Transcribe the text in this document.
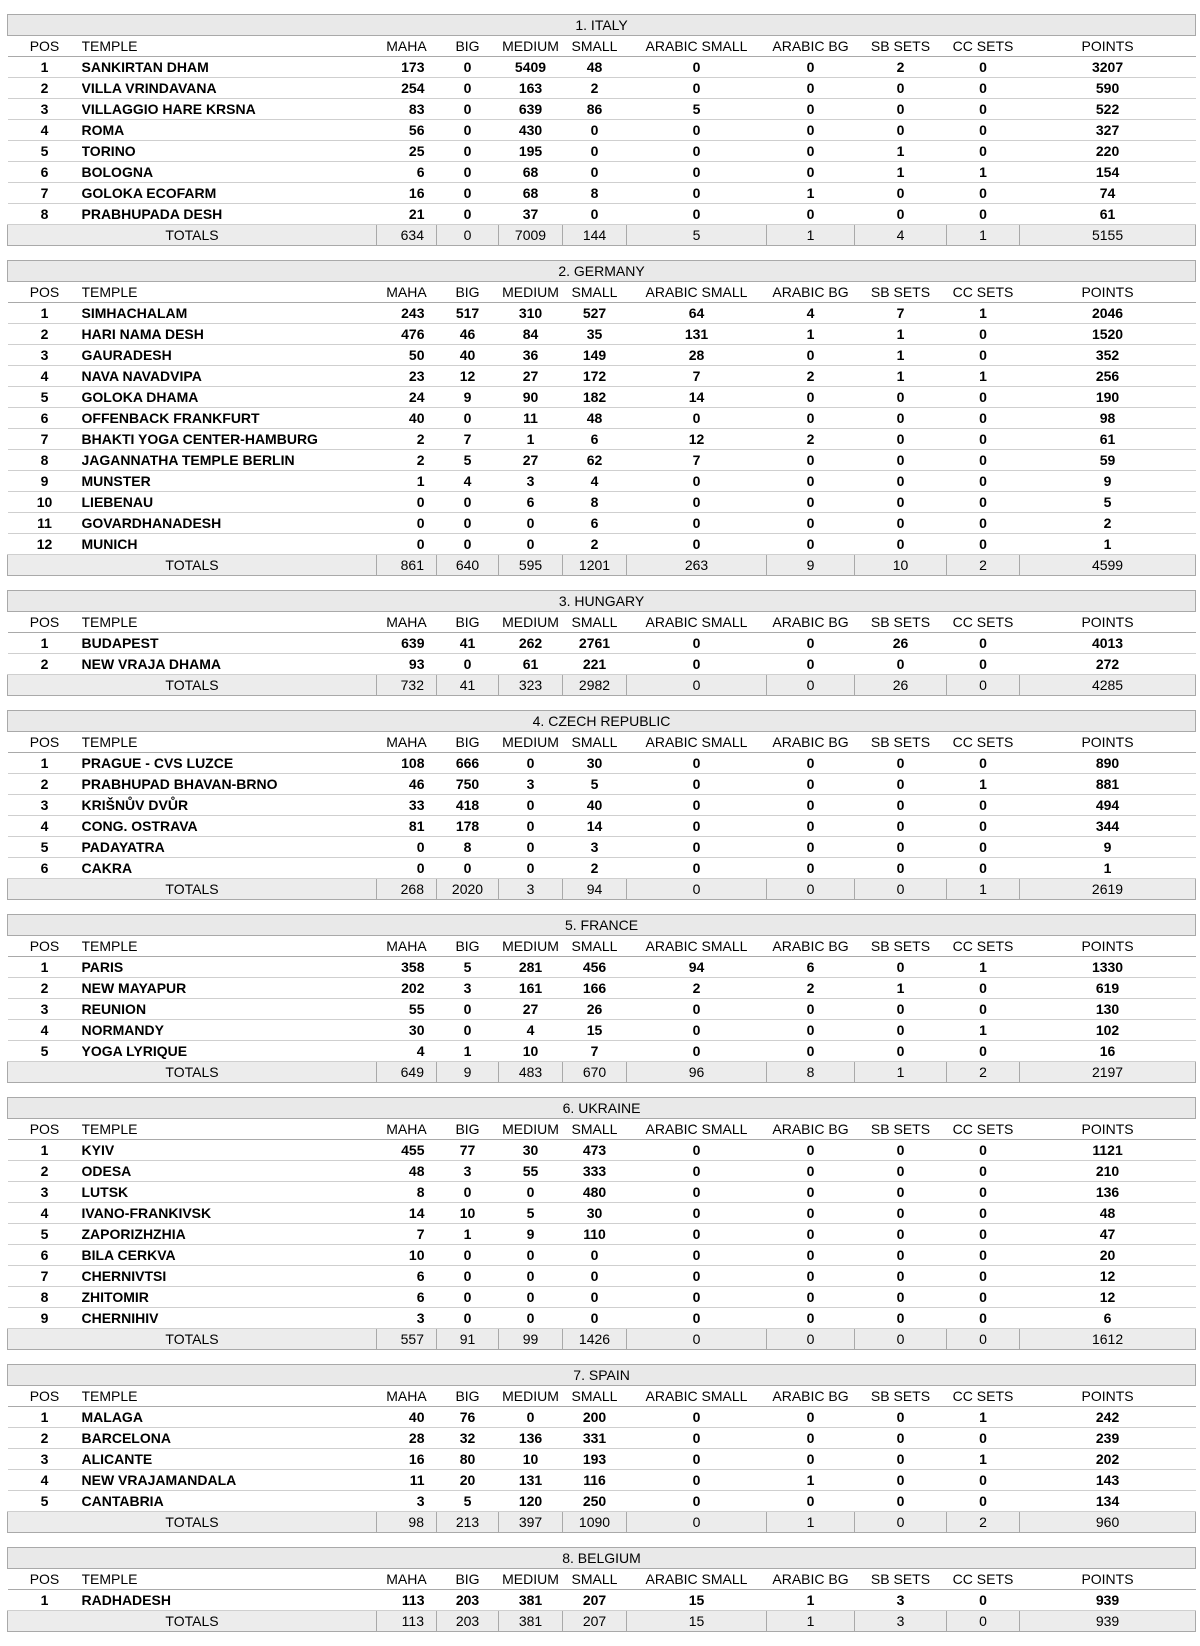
1. ITALY										
POS	TEMPLE	MAHA	BIG	MEDIUM	SMALL	ARABIC SMALL	ARABIC BG	SB SETS	CC SETS	POINTS
1	SANKIRTAN DHAM	173	0	5409	48	0	0	2	0	3207
2	VILLA VRINDAVANA	254	0	163	2	0	0	0	0	590
3	VILLAGGIO HARE KRSNA	83	0	639	86	5	0	0	0	522
4	ROMA	56	0	430	0	0	0	0	0	327
5	TORINO	25	0	195	0	0	0	1	0	220
6	BOLOGNA	6	0	68	0	0	0	1	1	154
7	GOLOKA ECOFARM	16	0	68	8	0	1	0	0	74
8	PRABHUPADA DESH	21	0	37	0	0	0	0	0	61
TOTALS		634	0	7009	144	5	1	4	1	5155
2. GERMANY										
POS	TEMPLE	MAHA	BIG	MEDIUM	SMALL	ARABIC SMALL	ARABIC BG	SB SETS	CC SETS	POINTS
1	SIMHACHALAM	243	517	310	527	64	4	7	1	2046
2	HARI NAMA DESH	476	46	84	35	131	1	1	0	1520
3	GAURADESH	50	40	36	149	28	0	1	0	352
4	NAVA NAVADVIPA	23	12	27	172	7	2	1	1	256
5	GOLOKA DHAMA	24	9	90	182	14	0	0	0	190
6	OFFENBACK FRANKFURT	40	0	11	48	0	0	0	0	98
7	BHAKTI YOGA CENTER-HAMBURG	2	7	1	6	12	2	0	0	61
8	JAGANNATHA TEMPLE BERLIN	2	5	27	62	7	0	0	0	59
9	MUNSTER	1	4	3	4	0	0	0	0	9
10	LIEBENAU	0	0	6	8	0	0	0	0	5
11	GOVARDHANADESH	0	0	0	6	0	0	0	0	2
12	MUNICH	0	0	0	2	0	0	0	0	1
TOTALS		861	640	595	1201	263	9	10	2	4599
3. HUNGARY										
POS	TEMPLE	MAHA	BIG	MEDIUM	SMALL	ARABIC SMALL	ARABIC BG	SB SETS	CC SETS	POINTS
1	BUDAPEST	639	41	262	2761	0	0	26	0	4013
2	NEW VRAJA DHAMA	93	0	61	221	0	0	0	0	272
TOTALS		732	41	323	2982	0	0	26	0	4285
4. CZECH REPUBLIC										
POS	TEMPLE	MAHA	BIG	MEDIUM	SMALL	ARABIC SMALL	ARABIC BG	SB SETS	CC SETS	POINTS
1	PRAGUE - CVS LUZCE	108	666	0	30	0	0	0	0	890
2	PRABHUPAD BHAVAN-BRNO	46	750	3	5	0	0	0	1	881
3	KRIŠNŮV DVŮR	33	418	0	40	0	0	0	0	494
4	CONG. OSTRAVA	81	178	0	14	0	0	0	0	344
5	PADAYATRA	0	8	0	3	0	0	0	0	9
6	CAKRA	0	0	0	2	0	0	0	0	1
TOTALS		268	2020	3	94	0	0	0	1	2619
5. FRANCE										
POS	TEMPLE	MAHA	BIG	MEDIUM	SMALL	ARABIC SMALL	ARABIC BG	SB SETS	CC SETS	POINTS
1	PARIS	358	5	281	456	94	6	0	1	1330
2	NEW MAYAPUR	202	3	161	166	2	2	1	0	619
3	REUNION	55	0	27	26	0	0	0	0	130
4	NORMANDY	30	0	4	15	0	0	0	1	102
5	YOGA LYRIQUE	4	1	10	7	0	0	0	0	16
TOTALS		649	9	483	670	96	8	1	2	2197
6. UKRAINE										
POS	TEMPLE	MAHA	BIG	MEDIUM	SMALL	ARABIC SMALL	ARABIC BG	SB SETS	CC SETS	POINTS
1	KYIV	455	77	30	473	0	0	0	0	1121
2	ODESA	48	3	55	333	0	0	0	0	210
3	LUTSK	8	0	0	480	0	0	0	0	136
4	IVANO-FRANKIVSK	14	10	5	30	0	0	0	0	48
5	ZAPORIZHZHIA	7	1	9	110	0	0	0	0	47
6	BILA CERKVA	10	0	0	0	0	0	0	0	20
7	CHERNIVTSI	6	0	0	0	0	0	0	0	12
8	ZHITOMIR	6	0	0	0	0	0	0	0	12
9	CHERNIHIV	3	0	0	0	0	0	0	0	6
TOTALS		557	91	99	1426	0	0	0	0	1612
7. SPAIN										
POS	TEMPLE	MAHA	BIG	MEDIUM	SMALL	ARABIC SMALL	ARABIC BG	SB SETS	CC SETS	POINTS
1	MALAGA	40	76	0	200	0	0	0	1	242
2	BARCELONA	28	32	136	331	0	0	0	0	239
3	ALICANTE	16	80	10	193	0	0	0	1	202
4	NEW VRAJAMANDALA	11	20	131	116	0	1	0	0	143
5	CANTABRIA	3	5	120	250	0	0	0	0	134
TOTALS		98	213	397	1090	0	1	0	2	960
8. BELGIUM										
POS	TEMPLE	MAHA	BIG	MEDIUM	SMALL	ARABIC SMALL	ARABIC BG	SB SETS	CC SETS	POINTS
1	RADHADESH	113	203	381	207	15	1	3	0	939
TOTALS		113	203	381	207	15	1	3	0	939
